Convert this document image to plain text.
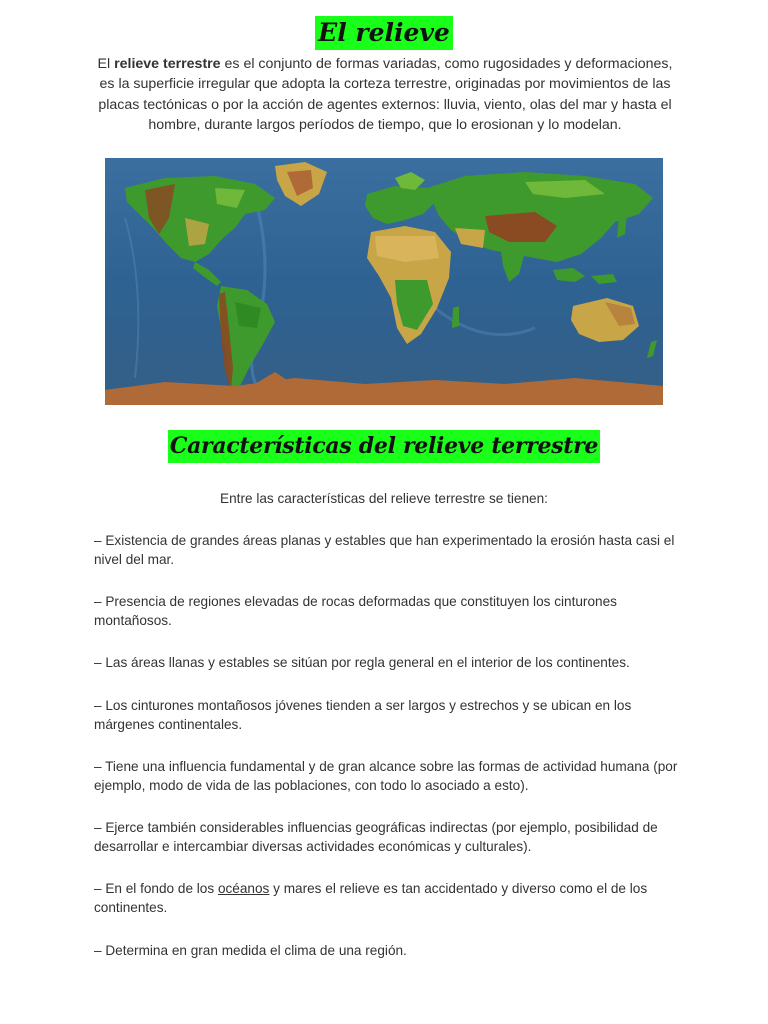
El relieve

El relieve terrestre es el conjunto de formas variadas, como rugosidades y deformaciones, es la superficie irregular que adopta la corteza terrestre, originadas por movimientos de las placas tectónicas o por la acción de agentes externos: lluvia, viento, olas del mar y hasta el hombre, durante largos períodos de tiempo, que lo erosionan y lo modelan.

Características del relieve terrestre

Entre las características del relieve terrestre se tienen:

– Existencia de grandes áreas planas y estables que han experimentado la erosión hasta casi el nivel del mar.

– Presencia de regiones elevadas de rocas deformadas que constituyen los cinturones montañosos.

– Las áreas llanas y estables se sitúan por regla general en el interior de los continentes.

– Los cinturones montañosos jóvenes tienden a ser largos y estrechos y se ubican en los márgenes continentales.

– Tiene una influencia fundamental y de gran alcance sobre las formas de actividad humana (por ejemplo, modo de vida de las poblaciones, con todo lo asociado a esto).

– Ejerce también considerables influencias geográficas indirectas (por ejemplo, posibilidad de desarrollar e intercambiar diversas actividades económicas y culturales).

– En el fondo de los océanos y mares el relieve es tan accidentado y diverso como el de los continentes.

– Determina en gran medida el clima de una región.
